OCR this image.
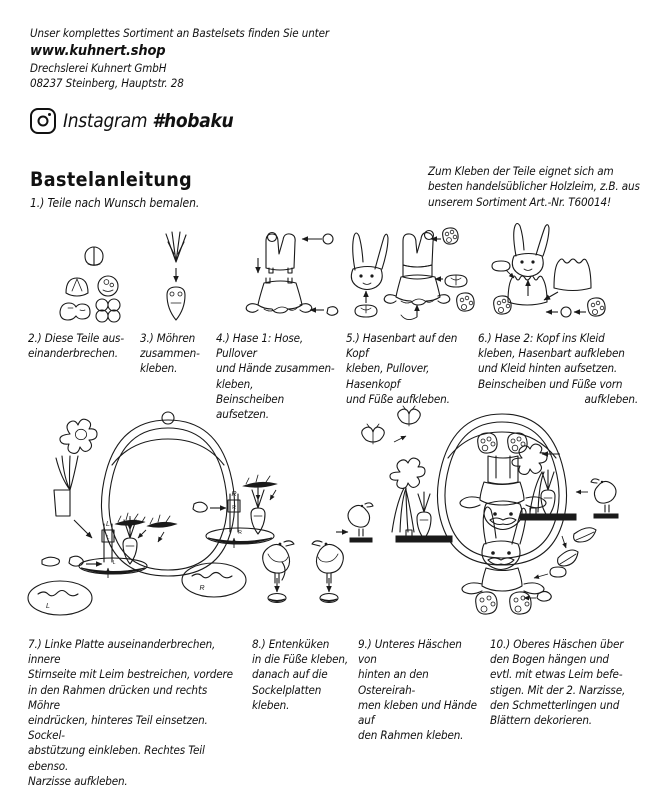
Unser komplettes Sortiment an Bastelsets finden Sie unter
www.kuhnert.shop
Drechslerei Kuhnert GmbH
08237 Steinberg, Hauptstr. 28
Instagram #hobaku
Bastelanleitung
1.) Teile nach Wunsch bemalen.
Zum Kleben der Teile eignet sich am besten handelsüblicher Holzleim, z.B. aus unserem Sortiment Art.-Nr. T60014!
2.) Diese Teile aus-
einanderbrechen.
3.) Möhren
zusammen-
kleben.
4.) Hase 1: Hose, Pullover
und Hände zusammen-
kleben,
Beinscheiben aufsetzen.
5.) Hasenbart auf den Kopf
kleben, Pullover, Hasenkopf
und Füße aufkleben.
6.) Hase 2: Kopf ins Kleid
kleben, Hasenbart aufkleben
und Kleid hinten aufsetzen.
Beinscheiben und Füße vorn
aufkleben.
L
L
L
L
R
R
R
R
7.) Linke Platte auseinanderbrechen, innere
Stirnseite mit Leim bestreichen, vordere
in den Rahmen drücken und rechts Möhre
eindrücken, hinteres Teil einsetzen. Sockel-
abstützung einkleben. Rechtes Teil ebenso.
Narzisse aufkleben.
8.) Entenküken
in die Füße kleben,
danach auf die
Sockelplatten
kleben.
9.) Unteres Häschen von
hinten an den Ostereirah-
men kleben und Hände auf
den Rahmen kleben.
10.) Oberes Häschen über
den Bogen hängen und
evtl. mit etwas Leim befe-
stigen. Mit der 2. Narzisse,
den Schmetterlingen und
Blättern dekorieren.
